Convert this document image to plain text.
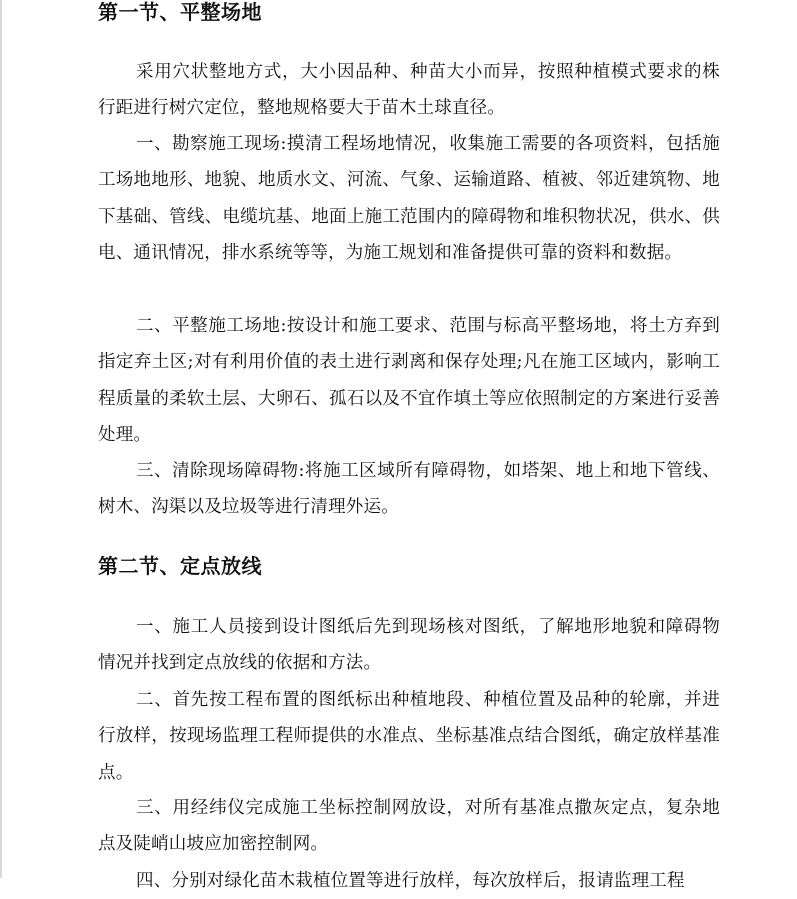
第一节、平整场地

采用穴状整地方式，大小因品种、种苗大小而异，按照种植模式要求的株行距进行树穴定位，整地规格要大于苗木土球直径。

一、勘察施工现场:摸清工程场地情况，收集施工需要的各项资料，包括施工场地地形、地貌、地质水文、河流、气象、运输道路、植被、邻近建筑物、地下基础、管线、电缆坑基、地面上施工范围内的障碍物和堆积物状况，供水、供电、通讯情况，排水系统等等，为施工规划和准备提供可靠的资料和数据。

二、平整施工场地:按设计和施工要求、范围与标高平整场地，将土方弃到指定弃土区;对有利用价值的表土进行剥离和保存处理;凡在施工区域内，影响工程质量的柔软土层、大卵石、孤石以及不宜作填土等应依照制定的方案进行妥善处理。

三、清除现场障碍物:将施工区域所有障碍物，如塔架、地上和地下管线、树木、沟渠以及垃圾等进行清理外运。

第二节、定点放线

一、施工人员接到设计图纸后先到现场核对图纸，了解地形地貌和障碍物情况并找到定点放线的依据和方法。

二、首先按工程布置的图纸标出种植地段、种植位置及品种的轮廓，并进行放样，按现场监理工程师提供的水准点、坐标基准点结合图纸，确定放样基准点。

三、用经纬仪完成施工坐标控制网放设，对所有基准点撒灰定点，复杂地点及陡峭山坡应加密控制网。

四、分别对绿化苗木栽植位置等进行放样，每次放样后，报请监理工程
